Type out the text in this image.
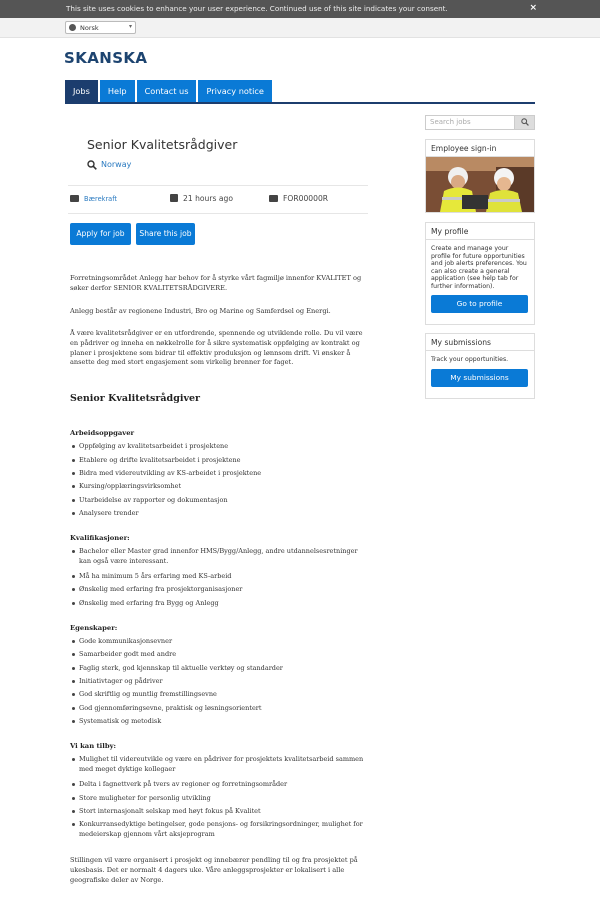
This site uses cookies to enhance your user experience. Continued use of this site indicates your consent.	×
Norsk	▾
SKANSKA
Jobs	Help	Contact us	Privacy notice
Senior Kvalitetsrådgiver
Norway
Bærekraft	21 hours ago	FOR00000R
Apply for job	Share this job
Forretningsområdet Anlegg har behov for å styrke vårt fagmiljø innenfor KVALITET og søker derfor SENIOR KVALITETSRÅDGIVERE.
Anlegg består av regionene Industri, Bro og Marine og Samferdsel og Energi.
Å være kvalitetsrådgiver er en utfordrende, spennende og utviklende rolle. Du vil være en pådriver og inneha en nøkkelrolle for å sikre systematisk oppfølging av kontrakt og planer i prosjektene som bidrar til effektiv produksjon og lønnsom drift. Vi ønsker å ansette deg med stort engasjement som virkelig brenner for faget.
Senior Kvalitetsrådgiver
Arbeidsoppgaver
Oppfølging av kvalitetsarbeidet i prosjektene
Etablere og drifte kvalitetsarbeidet i prosjektene
Bidra med videreutvikling av KS-arbeidet i prosjektene
Kursing/opplæringsvirksomhet
Utarbeidelse av rapporter og dokumentasjon
Analysere trender
Kvalifikasjoner:
Bachelor eller Master grad innenfor HMS/Bygg/Anlegg, andre utdannelsesretninger kan også være interessant.
Må ha minimum 5 års erfaring med KS-arbeid
Ønskelig med erfaring fra prosjektorganisasjoner
Ønskelig med erfaring fra Bygg og Anlegg
Egenskaper:
Gode kommunikasjonsevner
Samarbeider godt med andre
Faglig sterk, god kjennskap til aktuelle verktøy og standarder
Initiativtager og pådriver
God skriftlig og muntlig fremstillingsevne
God gjennomføringsevne, praktisk og løsningsorientert
Systematisk og metodisk
Vi kan tilby:
Mulighet til videreutvikle og være en pådriver for prosjektets kvalitetsarbeid sammen med meget dyktige kollegaer
Delta i fagnettverk på tvers av regioner og forretningsområder
Store muligheter for personlig utvikling
Stort internasjonalt selskap med høyt fokus på Kvalitet
Konkurransedyktige betingelser, gode pensjons- og forsikringsordninger, mulighet for medeierskap gjennom vårt aksjeprogram
Stillingen vil være organisert i prosjekt og innebærer pendling til og fra prosjektet på ukesbasis. Det er normalt 4 dagers uke. Våre anleggsprosjekter er lokalisert i alle geografiske deler av Norge.
Search jobs
Employee sign-in
My profile
Create and manage your profile for future opportunities and job alerts preferences. You can also create a general application (see help tab for further information).
Go to profile
My submissions
Track your opportunities.
My submissions
